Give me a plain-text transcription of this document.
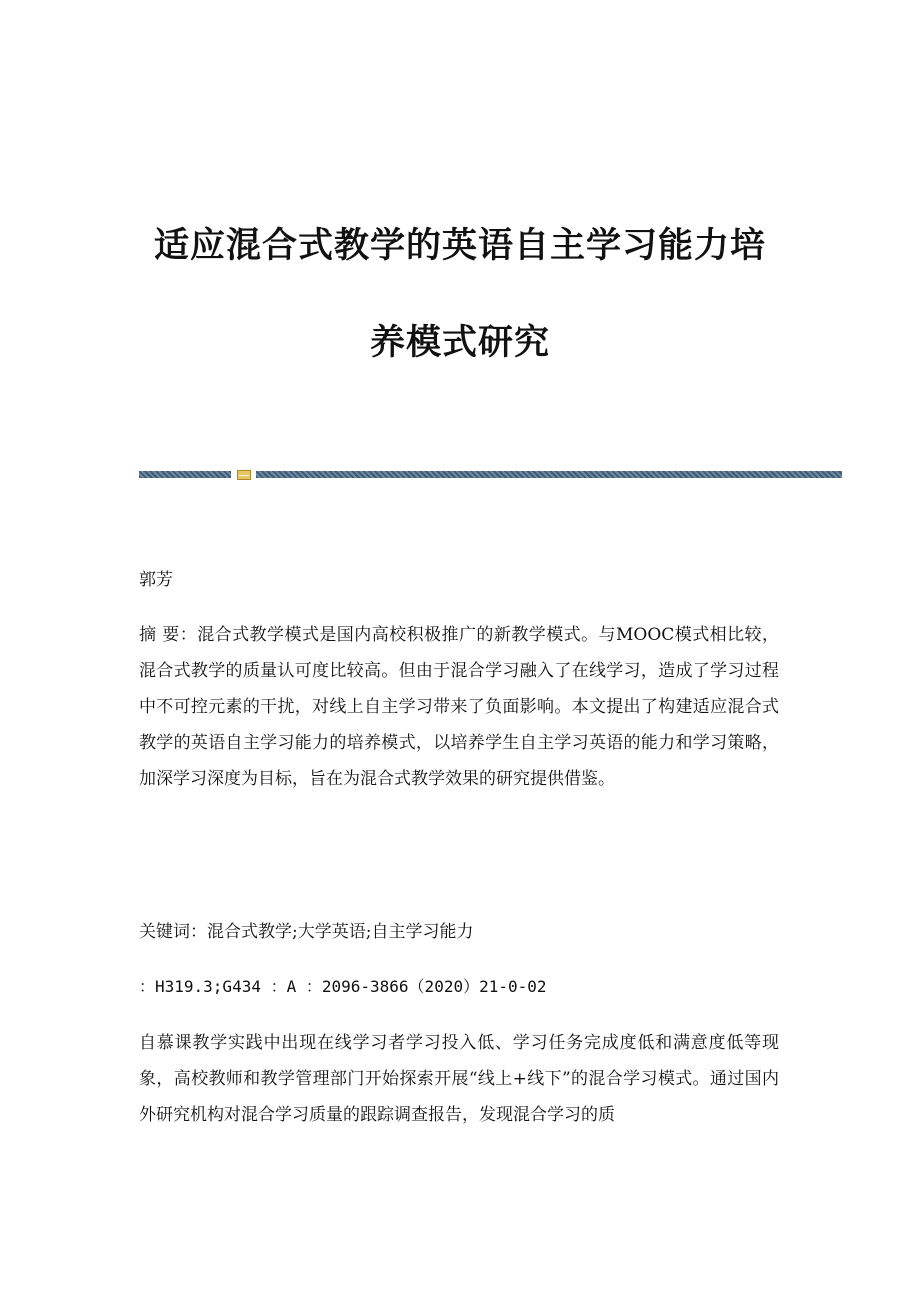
适应混合式教学的英语自主学习能力培
养模式研究
郭芳
摘 要：混合式教学模式是国内高校积极推广的新教学模式。与MOOC模式相比较，混合式教学的质量认可度比较高。但由于混合学习融入了在线学习，造成了学习过程中不可控元素的干扰，对线上自主学习带来了负面影响。本文提出了构建适应混合式教学的英语自主学习能力的培养模式，以培养学生自主学习英语的能力和学习策略，加深学习深度为目标，旨在为混合式教学效果的研究提供借鉴。
关键词：混合式教学;大学英语;自主学习能力
：H319.3;G434 ：A ：2096-3866（2020）21-0-02
自慕课教学实践中出现在线学习者学习投入低、学习任务完成度低和满意度低等现象，高校教师和教学管理部门开始探索开展“线上+线下”的混合学习模式。通过国内外研究机构对混合学习质量的跟踪调查报告，发现混合学习的质
